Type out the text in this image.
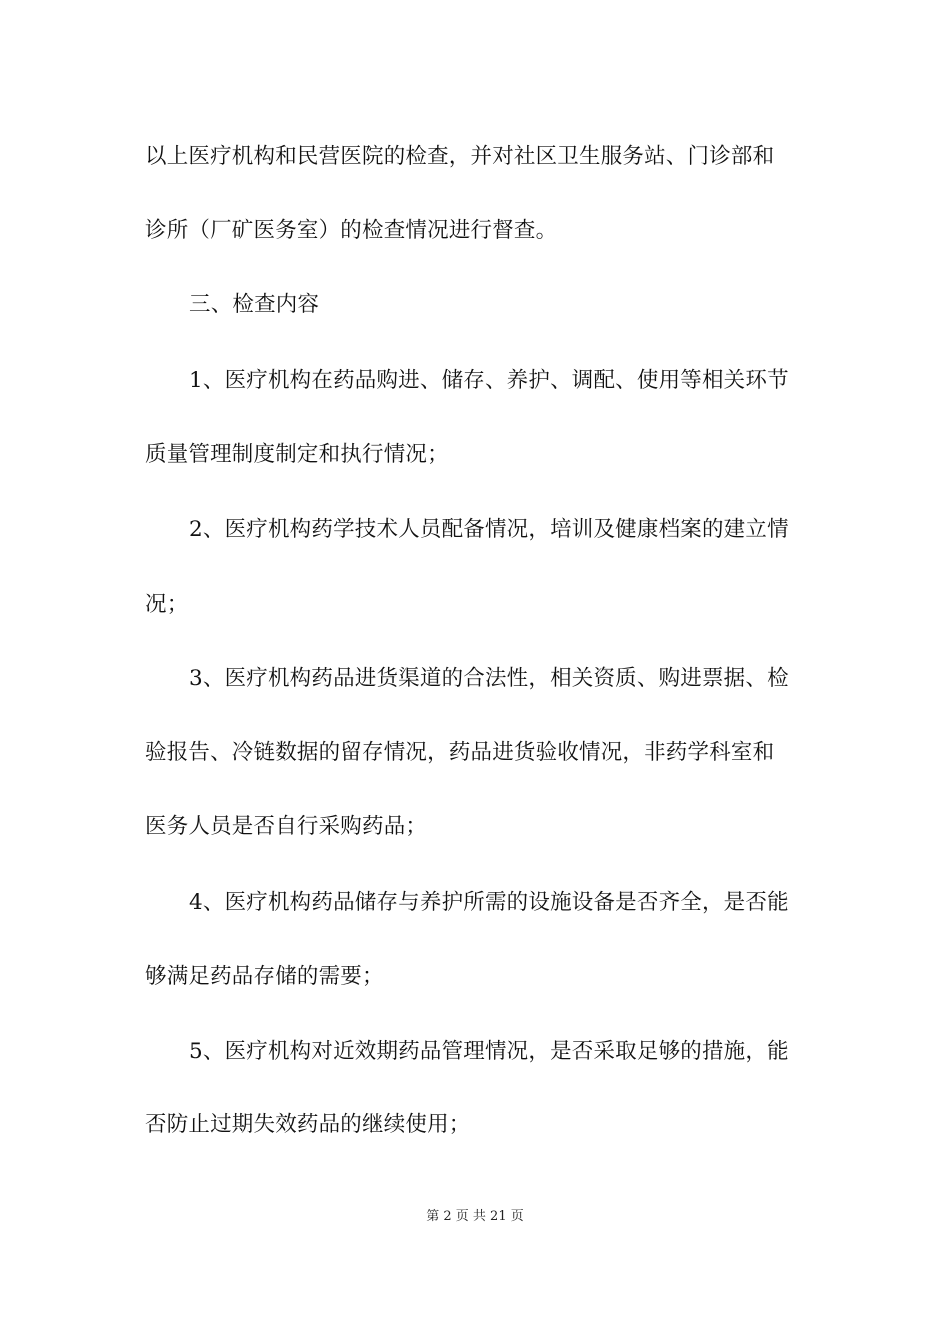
以上医疗机构和民营医院的检查，并对社区卫生服务站、门诊部和
诊所（厂矿医务室）的检查情况进行督查。
三、检查内容
1、医疗机构在药品购进、储存、养护、调配、使用等相关环节
质量管理制度制定和执行情况；
2、医疗机构药学技术人员配备情况，培训及健康档案的建立情
况；
3、医疗机构药品进货渠道的合法性，相关资质、购进票据、检
验报告、冷链数据的留存情况，药品进货验收情况，非药学科室和
医务人员是否自行采购药品；
4、医疗机构药品储存与养护所需的设施设备是否齐全，是否能
够满足药品存储的需要；
5、医疗机构对近效期药品管理情况，是否采取足够的措施，能
否防止过期失效药品的继续使用；
第 2 页 共 21 页
